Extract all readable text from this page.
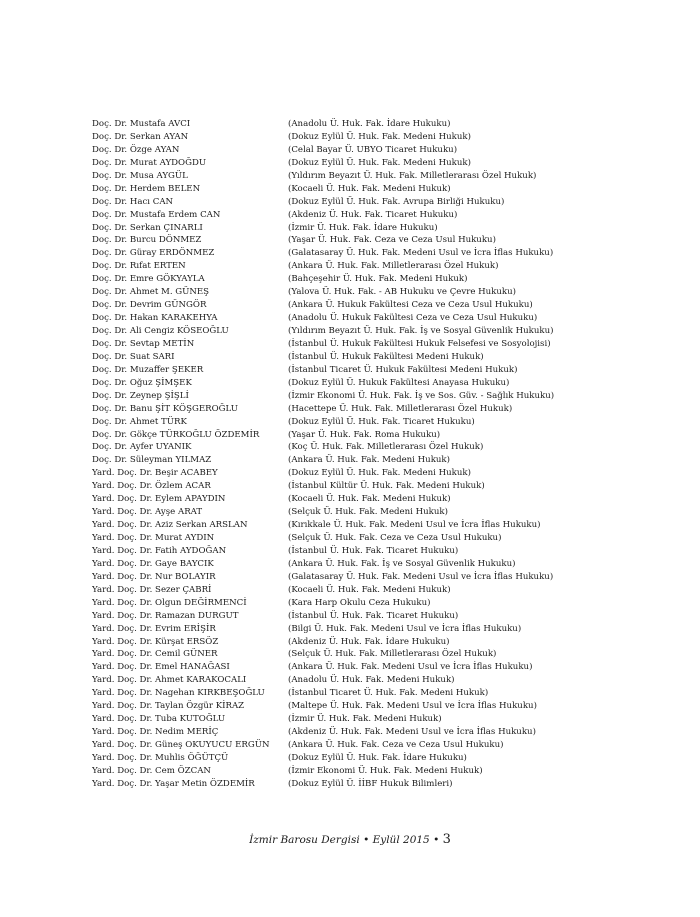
Doç. Dr. Mustafa AVCI	(Anadolu Ü. Huk. Fak. İdare Hukuku)
Doç. Dr. Serkan AYAN	(Dokuz Eylül Ü. Huk. Fak. Medeni Hukuk)
Doç. Dr. Özge AYAN	(Celal Bayar Ü. UBYO Ticaret Hukuku)
Doç. Dr. Murat AYDOĞDU	(Dokuz Eylül Ü. Huk. Fak. Medeni Hukuk)
Doç. Dr. Musa AYGÜL	(Yıldırım Beyazıt Ü. Huk. Fak. Milletlerarası Özel Hukuk)
Doç. Dr. Herdem BELEN	(Kocaeli Ü. Huk. Fak. Medeni Hukuk)
Doç. Dr. Hacı CAN	(Dokuz Eylül Ü. Huk. Fak. Avrupa Birliği Hukuku)
Doç. Dr. Mustafa Erdem CAN	(Akdeniz Ü. Huk. Fak. Ticaret Hukuku)
Doç. Dr. Serkan ÇINARLI	(İzmir Ü. Huk. Fak. İdare Hukuku)
Doç. Dr. Burcu DÖNMEZ	(Yaşar Ü. Huk. Fak. Ceza ve Ceza Usul Hukuku)
Doç. Dr. Güray ERDÖNMEZ	(Galatasaray Ü. Huk. Fak. Medeni Usul ve İcra İflas Hukuku)
Doç. Dr. Rıfat ERTEN	(Ankara Ü. Huk. Fak. Milletlerarası Özel Hukuk)
Doç. Dr. Emre GÖKYAYLA	(Bahçeşehir Ü. Huk. Fak. Medeni Hukuk)
Doç. Dr. Ahmet M. GÜNEŞ	(Yalova Ü. Huk. Fak. - AB Hukuku ve Çevre Hukuku)
Doç. Dr. Devrim GÜNGÖR	(Ankara Ü. Hukuk Fakültesi Ceza ve Ceza Usul Hukuku)
Doç. Dr. Hakan KARAKEHYA	(Anadolu Ü. Hukuk Fakültesi Ceza ve Ceza Usul Hukuku)
Doç. Dr. Ali Cengiz KÖSEOĞLU	(Yıldırım Beyazıt Ü. Huk. Fak. İş ve Sosyal Güvenlik Hukuku)
Doç. Dr. Sevtap METİN	(İstanbul Ü. Hukuk Fakültesi Hukuk Felsefesi ve Sosyolojisi)
Doç. Dr. Suat SARI	(İstanbul Ü. Hukuk Fakültesi Medeni Hukuk)
Doç. Dr. Muzaffer ŞEKER	(İstanbul Ticaret Ü. Hukuk Fakültesi Medeni Hukuk)
Doç. Dr. Oğuz ŞİMŞEK	(Dokuz Eylül Ü. Hukuk Fakültesi Anayasa Hukuku)
Doç. Dr. Zeynep ŞİŞLİ	(İzmir Ekonomi Ü. Huk. Fak. İş ve Sos. Güv. - Sağlık Hukuku)
Doç. Dr. Banu ŞİT KÖŞGEROĞLU	(Hacettepe Ü. Huk. Fak. Milletlerarası Özel Hukuk)
Doç. Dr. Ahmet TÜRK	(Dokuz Eylül Ü. Huk. Fak. Ticaret Hukuku)
Doç. Dr. Gökçe TÜRKOĞLU ÖZDEMİR	(Yaşar Ü. Huk. Fak. Roma Hukuku)
Doç. Dr. Ayfer UYANIK	(Koç Ü. Huk. Fak. Milletlerarası Özel Hukuk)
Doç. Dr. Süleyman YILMAZ	(Ankara Ü. Huk. Fak. Medeni Hukuk)
Yard. Doç. Dr. Beşir ACABEY	(Dokuz Eylül Ü. Huk. Fak. Medeni Hukuk)
Yard. Doç. Dr. Özlem ACAR	(İstanbul Kültür Ü. Huk. Fak. Medeni Hukuk)
Yard. Doç. Dr. Eylem APAYDIN	(Kocaeli Ü. Huk. Fak. Medeni Hukuk)
Yard. Doç. Dr. Ayşe ARAT	(Selçuk Ü. Huk. Fak. Medeni Hukuk)
Yard. Doç. Dr. Aziz Serkan ARSLAN	(Kırıkkale Ü. Huk. Fak. Medeni Usul ve İcra İflas Hukuku)
Yard. Doç. Dr. Murat AYDIN	(Selçuk Ü. Huk. Fak. Ceza ve Ceza Usul Hukuku)
Yard. Doç. Dr. Fatih AYDOĞAN	(İstanbul Ü. Huk. Fak. Ticaret Hukuku)
Yard. Doç. Dr. Gaye BAYCIK	(Ankara Ü. Huk. Fak. İş ve Sosyal Güvenlik Hukuku)
Yard. Doç. Dr. Nur BOLAYIR	(Galatasaray Ü. Huk. Fak. Medeni Usul ve İcra İflas Hukuku)
Yard. Doç. Dr. Sezer ÇABRİ	(Kocaeli Ü. Huk. Fak. Medeni Hukuk)
Yard. Doç. Dr. Olgun DEĞİRMENCİ	(Kara Harp Okulu Ceza Hukuku)
Yard. Doç. Dr. Ramazan DURGUT	(İstanbul Ü. Huk. Fak. Ticaret Hukuku)
Yard. Doç. Dr. Evrim ERİŞİR	(Bilgi Ü. Huk. Fak. Medeni Usul ve İcra İflas Hukuku)
Yard. Doç. Dr. Kürşat ERSÖZ	(Akdeniz Ü. Huk. Fak. İdare Hukuku)
Yard. Doç. Dr. Cemil GÜNER	(Selçuk Ü. Huk. Fak. Milletlerarası Özel Hukuk)
Yard. Doç. Dr. Emel HANAĞASI	(Ankara Ü. Huk. Fak. Medeni Usul ve İcra İflas Hukuku)
Yard. Doç. Dr. Ahmet KARAKOCALI	(Anadolu Ü. Huk. Fak. Medeni Hukuk)
Yard. Doç. Dr. Nagehan KIRKBEŞOĞLU	(İstanbul Ticaret Ü. Huk. Fak. Medeni Hukuk)
Yard. Doç. Dr. Taylan Özgür KİRAZ	(Maltepe Ü. Huk. Fak. Medeni Usul ve İcra İflas Hukuku)
Yard. Doç. Dr. Tuba KUTOĞLU	(İzmir Ü. Huk. Fak. Medeni Hukuk)
Yard. Doç. Dr. Nedim MERİÇ	(Akdeniz Ü. Huk. Fak. Medeni Usul ve İcra İflas Hukuku)
Yard. Doç. Dr. Güneş OKUYUCU ERGÜN	(Ankara Ü. Huk. Fak. Ceza ve Ceza Usul Hukuku)
Yard. Doç. Dr. Muhlis ÖĞÜTÇÜ	(Dokuz Eylül Ü. Huk. Fak. İdare Hukuku)
Yard. Doç. Dr. Cem ÖZCAN	(İzmir Ekonomi Ü. Huk. Fak. Medeni Hukuk)
Yard. Doç. Dr. Yaşar Metin ÖZDEMİR	(Dokuz Eylül Ü. İİBF Hukuk Bilimleri)
İzmir Barosu Dergisi • Eylül 2015 • 3
